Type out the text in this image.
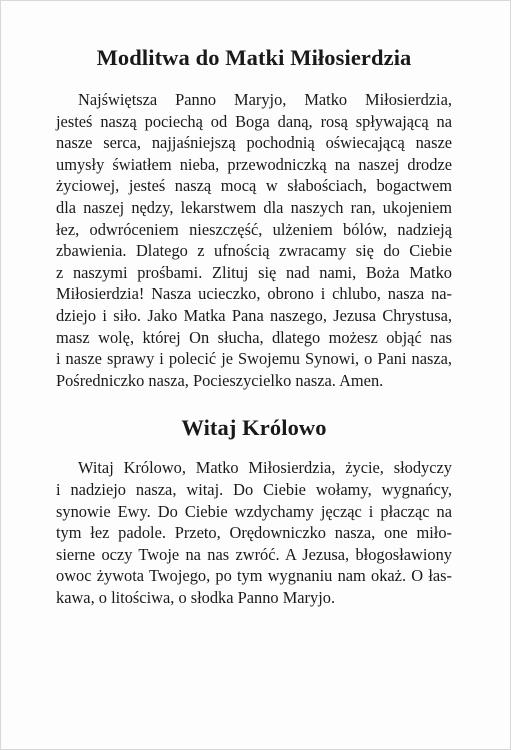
Modlitwa do Matki Miłosierdzia
Najświętsza Panno Maryjo, Matko Miłosierdzia,
jesteś naszą pociechą od Boga daną, rosą spływającą na
nasze serca, najjaśniejszą pochodnią oświecającą nasze
umysły światłem nieba, przewodniczką na naszej drodze
życiowej, jesteś naszą mocą w słabościach, bogactwem
dla naszej nędzy, lekarstwem dla naszych ran, ukojeniem
łez, odwróceniem nieszczęść, ulżeniem bólów, nadzieją
zbawienia. Dlatego z ufnością zwracamy się do Ciebie
z naszymi prośbami. Zlituj się nad nami, Boża Matko
Miłosierdzia! Nasza ucieczko, obrono i chlubo, nasza na-
dziejo i siło. Jako Matka Pana naszego, Jezusa Chrystusa,
masz wolę, której On słucha, dlatego możesz objąć nas
i nasze sprawy i polecić je Swojemu Synowi, o Pani nasza,
Pośredniczko nasza, Pocieszycielko nasza. Amen.
Witaj Królowo
Witaj Królowo, Matko Miłosierdzia, życie, słodyczy
i nadziejo nasza, witaj. Do Ciebie wołamy, wygnańcy,
synowie Ewy. Do Ciebie wzdychamy jęcząc i płacząc na
tym łez padole. Przeto, Orędowniczko nasza, one miło-
sierne oczy Twoje na nas zwróć. A Jezusa, błogosławiony
owoc żywota Twojego, po tym wygnaniu nam okaż. O łas-
kawa, o litościwa, o słodka Panno Maryjo.
